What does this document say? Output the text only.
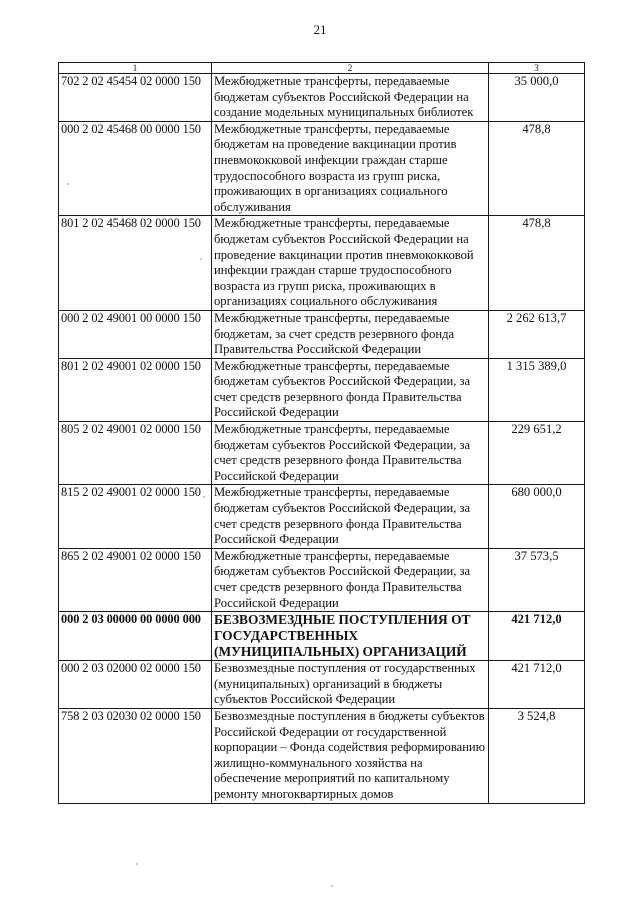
21
1	2	3
702 2 02 45454 02 0000 150	Межбюджетные трансферты, передаваемые бюджетам субъектов Российской Федерации на создание модельных муниципальных библиотек	35 000,0
000 2 02 45468 00 0000 150	Межбюджетные трансферты, передаваемые бюджетам на проведение вакцинации против пневмококковой инфекции граждан старше трудоспособного возраста из групп риска, проживающих в организациях социального обслуживания	478,8
801 2 02 45468 02 0000 150	Межбюджетные трансферты, передаваемые бюджетам субъектов Российской Федерации на проведение вакцинации против пневмококковой инфекции граждан старше трудоспособного возраста из групп риска, проживающих в организациях социального обслуживания	478,8
000 2 02 49001 00 0000 150	Межбюджетные трансферты, передаваемые бюджетам, за счет средств резервного фонда Правительства Российской Федерации	2 262 613,7
801 2 02 49001 02 0000 150	Межбюджетные трансферты, передаваемые бюджетам субъектов Российской Федерации, за счет средств резервного фонда Правительства Российской Федерации	1 315 389,0
805 2 02 49001 02 0000 150	Межбюджетные трансферты, передаваемые бюджетам субъектов Российской Федерации, за счет средств резервного фонда Правительства Российской Федерации	229 651,2
815 2 02 49001 02 0000 150	Межбюджетные трансферты, передаваемые бюджетам субъектов Российской Федерации, за счет средств резервного фонда Правительства Российской Федерации	680 000,0
865 2 02 49001 02 0000 150	Межбюджетные трансферты, передаваемые бюджетам субъектов Российской Федерации, за счет средств резервного фонда Правительства Российской Федерации	37 573,5
000 2 03 00000 00 0000 000	БЕЗВОЗМЕЗДНЫЕ ПОСТУПЛЕНИЯ ОТ ГОСУДАРСТВЕННЫХ (МУНИЦИПАЛЬНЫХ) ОРГАНИЗАЦИЙ	421 712,0
000 2 03 02000 02 0000 150	Безвозмездные поступления от государственных (муниципальных) организаций в бюджеты субъектов Российской Федерации	421 712,0
758 2 03 02030 02 0000 150	Безвозмездные поступления в бюджеты субъектов Российской Федерации от государственной корпорации – Фонда содействия реформированию жилищно-коммунального хозяйства на обеспечение мероприятий по капитальному ремонту многоквартирных домов	3 524,8
